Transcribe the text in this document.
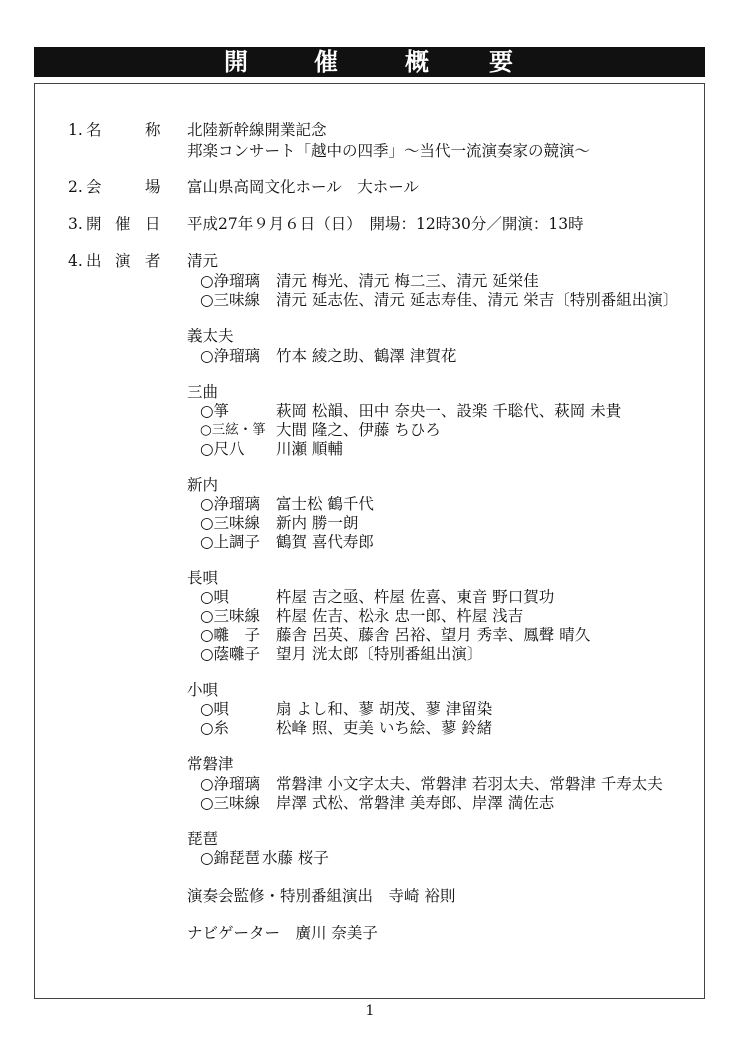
開	催	概	要
1. 名	称 北陸新幹線開業記念
邦楽コンサート「越中の四季」〜当代一流演奏家の競演〜
2. 会	場 富山県高岡文化ホール　大ホール
3. 開 催 日 平成27年９月６日（日）　開場：12時30分／開演：13時
4. 出 演 者 清元
○浄瑠璃 清元 梅光、清元 梅二三、清元 延栄佳
○三味線 清元 延志佐、清元 延志寿佳、清元 栄吉〔特別番組出演〕
義太夫
○浄瑠璃 竹本 綾之助、鶴澤 津賀花
三曲
○箏	萩岡 松韻、田中 奈央一、設楽 千聡代、萩岡 未貴
○三絃・箏 大間 隆之、伊藤 ちひろ
○尺八 川瀬 順輔
新内
○浄瑠璃 富士松 鶴千代
○三味線 新内 勝一朗
○上調子 鶴賀 喜代寿郎
長唄
○唄	杵屋 吉之亟、杵屋 佐喜、東音 野口賀功
○三味線 杵屋 佐吉、松永 忠一郎、杵屋 浅吉
○囃　子 藤舎 呂英、藤舎 呂裕、望月 秀幸、鳳聲 晴久
○蔭囃子 望月 洸太郎〔特別番組出演〕
小唄
○唄	扇 よし和、蓼 胡茂、蓼 津留染
○糸	松峰 照、吏美 いち絵、蓼 鈴緒
常磐津
○浄瑠璃 常磐津 小文字太夫、常磐津 若羽太夫、常磐津 千寿太夫
○三味線 岸澤 式松、常磐津 美寿郎、岸澤 満佐志
琵琶
○錦琵琶 水藤 桜子
演奏会監修・特別番組演出　寺崎 裕則
ナビゲーター　廣川 奈美子
1
